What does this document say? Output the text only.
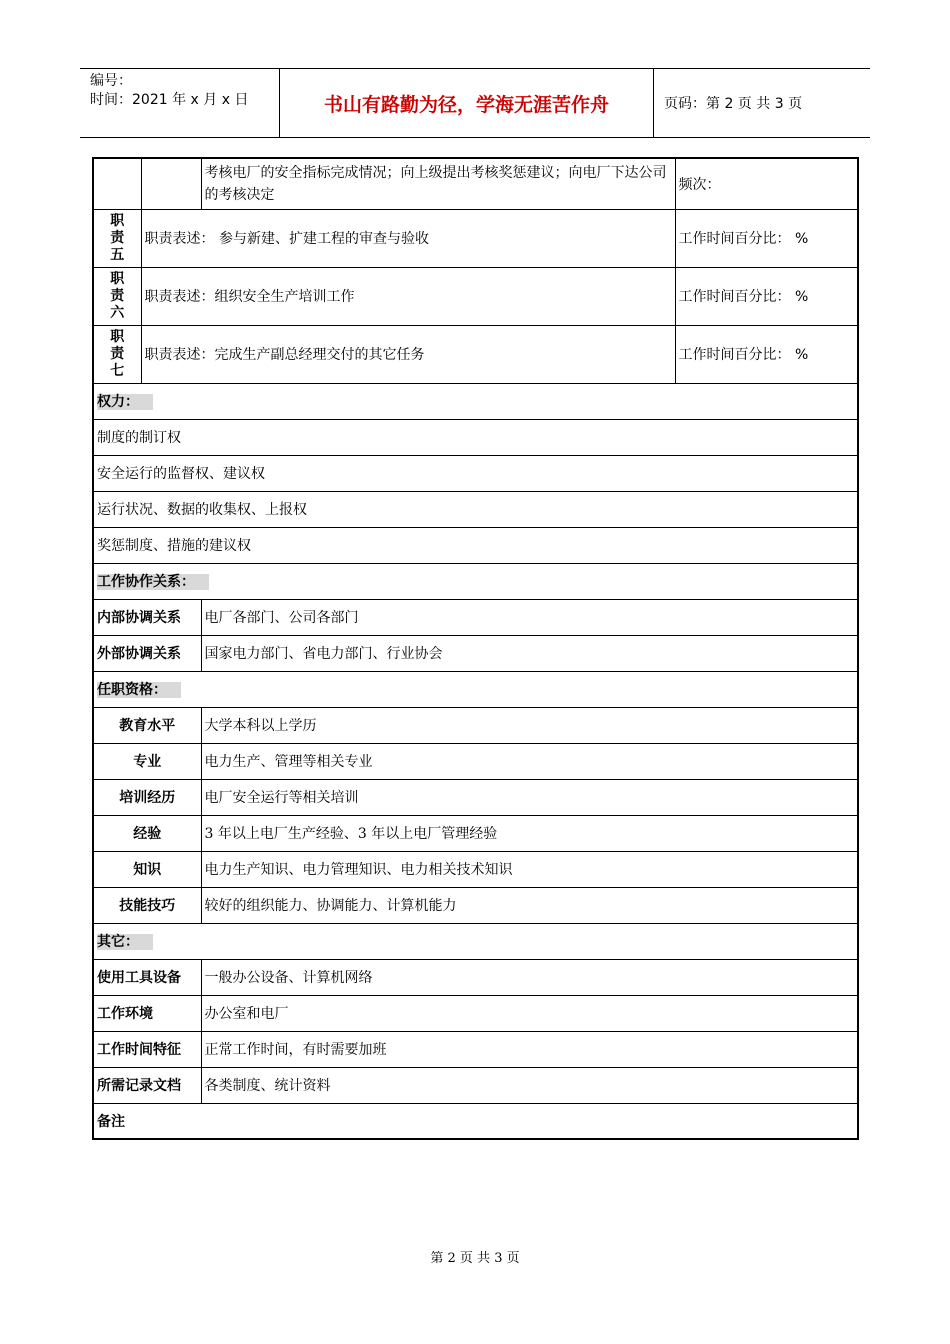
编号：
时间：2021 年 x 月 x 日	书山有路勤为径，学海无涯苦作舟	页码：第 2 页 共 3 页
		考核电厂的安全指标完成情况；向上级提出考核奖惩建议；向电厂下达公司的考核决定	频次：

职责五	职责表述： 参与新建、扩建工程的审查与验收		工作时间百分比： %

职责六	职责表述：组织安全生产培训工作		工作时间百分比： %

职责七	职责表述：完成生产副总经理交付的其它任务		工作时间百分比： %
权力：			
制度的制订权			
安全运行的监督权、建议权			
运行状况、数据的收集权、上报权			
奖惩制度、措施的建议权			
工作协作关系：			
内部协调关系		电厂各部门、公司各部门	
外部协调关系		国家电力部门、省电力部门、行业协会	
任职资格：			
教育水平		大学本科以上学历	
专业		电力生产、管理等相关专业	
培训经历		电厂安全运行等相关培训	
经验		3 年以上电厂生产经验、3 年以上电厂管理经验	
知识		电力生产知识、电力管理知识、电力相关技术知识	
技能技巧		较好的组织能力、协调能力、计算机能力	
其它：			
使用工具设备		一般办公设备、计算机网络	
工作环境		办公室和电厂	
工作时间特征		正常工作时间，有时需要加班	
所需记录文档		各类制度、统计资料	
备注			
第 2 页 共 3 页
